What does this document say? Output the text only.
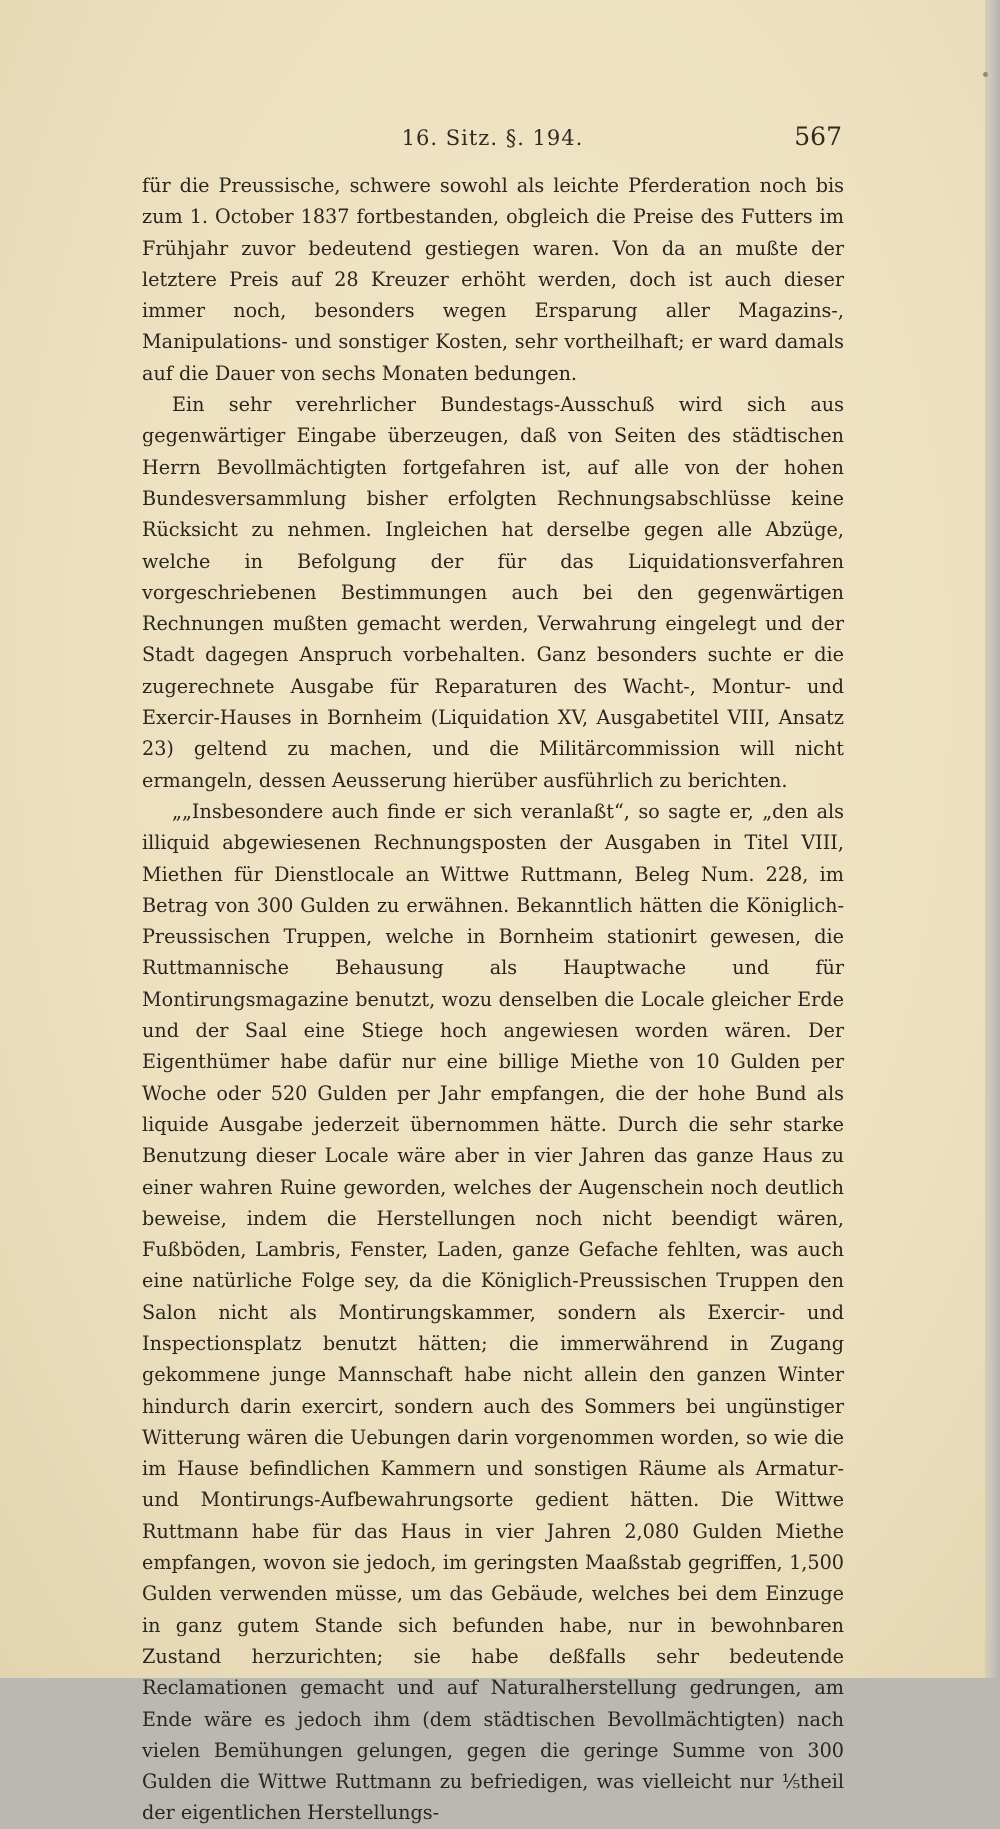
16. Sitz. §. 194.	567

für die Preussische, schwere sowohl als leichte Pferderation noch bis zum 1. October 1837 fortbestanden, obgleich die Preise des Futters im Frühjahr zuvor bedeutend gestiegen waren. Von da an mußte der letztere Preis auf 28 Kreuzer erhöht werden, doch ist auch dieser immer noch, besonders wegen Ersparung aller Magazins-, Manipulations- und sonstiger Kosten, sehr vortheilhaft; er ward damals auf die Dauer von sechs Monaten bedungen.

Ein sehr verehrlicher Bundestags-Ausschuß wird sich aus gegenwärtiger Eingabe überzeugen, daß von Seiten des städtischen Herrn Bevollmächtigten fortgefahren ist, auf alle von der hohen Bundesversammlung bisher erfolgten Rechnungsabschlüsse keine Rücksicht zu nehmen. Ingleichen hat derselbe gegen alle Abzüge, welche in Befolgung der für das Liquidationsverfahren vorgeschriebenen Bestimmungen auch bei den gegenwärtigen Rechnungen mußten gemacht werden, Verwahrung eingelegt und der Stadt dagegen Anspruch vorbehalten. Ganz besonders suchte er die zugerechnete Ausgabe für Reparaturen des Wacht-, Montur- und Exercir-Hauses in Bornheim (Liquidation XV, Ausgabetitel VIII, Ansatz 23) geltend zu machen, und die Militärcommission will nicht ermangeln, dessen Aeusserung hierüber ausführlich zu berichten.

„„Insbesondere auch finde er sich veranlaßt“, so sagte er, „den als illiquid abgewiesenen Rechnungsposten der Ausgaben in Titel VIII, Miethen für Dienstlocale an Wittwe Ruttmann, Beleg Num. 228, im Betrag von 300 Gulden zu erwähnen. Bekanntlich hätten die Königlich-Preussischen Truppen, welche in Bornheim stationirt gewesen, die Ruttmannische Behausung als Hauptwache und für Montirungsmagazine benutzt, wozu denselben die Locale gleicher Erde und der Saal eine Stiege hoch angewiesen worden wären. Der Eigenthümer habe dafür nur eine billige Miethe von 10 Gulden per Woche oder 520 Gulden per Jahr empfangen, die der hohe Bund als liquide Ausgabe jederzeit übernommen hätte. Durch die sehr starke Benutzung dieser Locale wäre aber in vier Jahren das ganze Haus zu einer wahren Ruine geworden, welches der Augenschein noch deutlich beweise, indem die Herstellungen noch nicht beendigt wären, Fußböden, Lambris, Fenster, Laden, ganze Gefache fehlten, was auch eine natürliche Folge sey, da die Königlich-Preussischen Truppen den Salon nicht als Montirungskammer, sondern als Exercir- und Inspectionsplatz benutzt hätten; die immerwährend in Zugang gekommene junge Mannschaft habe nicht allein den ganzen Winter hindurch darin exercirt, sondern auch des Sommers bei ungünstiger Witterung wären die Uebungen darin vorgenommen worden, so wie die im Hause befindlichen Kammern und sonstigen Räume als Armatur- und Montirungs-Aufbewahrungsorte gedient hätten. Die Wittwe Ruttmann habe für das Haus in vier Jahren 2,080 Gulden Miethe empfangen, wovon sie jedoch, im geringsten Maaßstab gegriffen, 1,500 Gulden verwenden müsse, um das Gebäude, welches bei dem Einzuge in ganz gutem Stande sich befunden habe, nur in bewohnbaren Zustand herzurichten; sie habe deßfalls sehr bedeutende Reclamationen gemacht und auf Naturalherstellung gedrungen, am Ende wäre es jedoch ihm (dem städtischen Bevollmächtigten) nach vielen Bemühungen gelungen, gegen die geringe Summe von 300 Gulden die Wittwe Ruttmann zu befriedigen, was vielleicht nur ⅕theil der eigentlichen Herstellungs-
